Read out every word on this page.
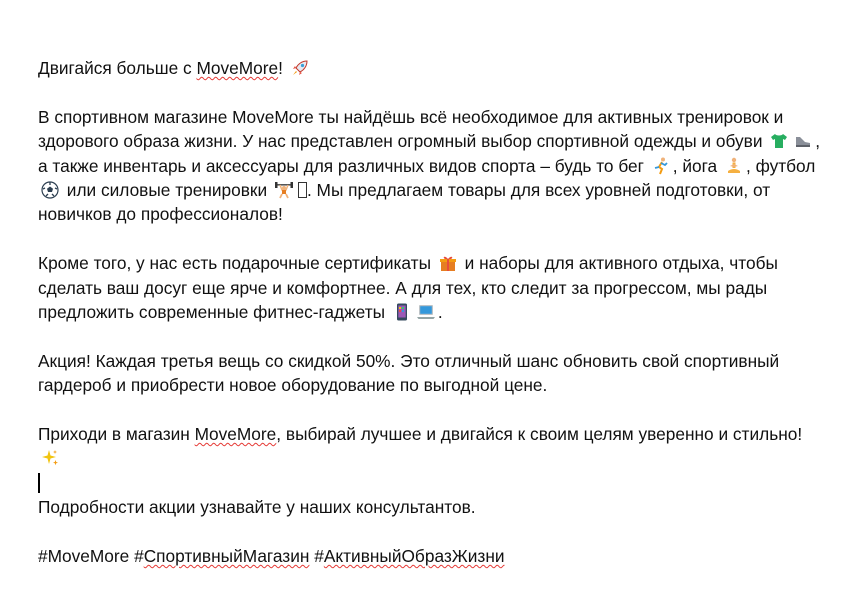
Двигайся больше с MoveMore!

В спортивном магазине MoveMore ты найдёшь всё необходимое для активных тренировок и здорового образа жизни. У нас представлен огромный выбор спортивной одежды и обуви	, а также инвентарь и аксессуары для различных видов спорта – будь то бег
, йога
, футбол
или силовые тренировки
. Мы предлагаем товары для всех уровней подготовки, от новичков до профессионалов!

Кроме того, у нас есть подарочные сертификаты
и наборы для активного отдыха, чтобы сделать ваш досуг еще ярче и комфортнее. А для тех, кто следит за прогрессом, мы рады предложить современные фитнес-гаджеты	.

Акция! Каждая третья вещь со скидкой 50%. Это отличный шанс обновить свой спортивный гардероб и приобрести новое оборудование по выгодной цене.

Приходи в магазин MoveMore, выбирай лучшее и двигайся к своим целям уверенно и стильно!

Подробности акции узнавайте у наших консультантов.

#MoveMore #СпортивныйМагазин #АктивныйОбразЖизни
